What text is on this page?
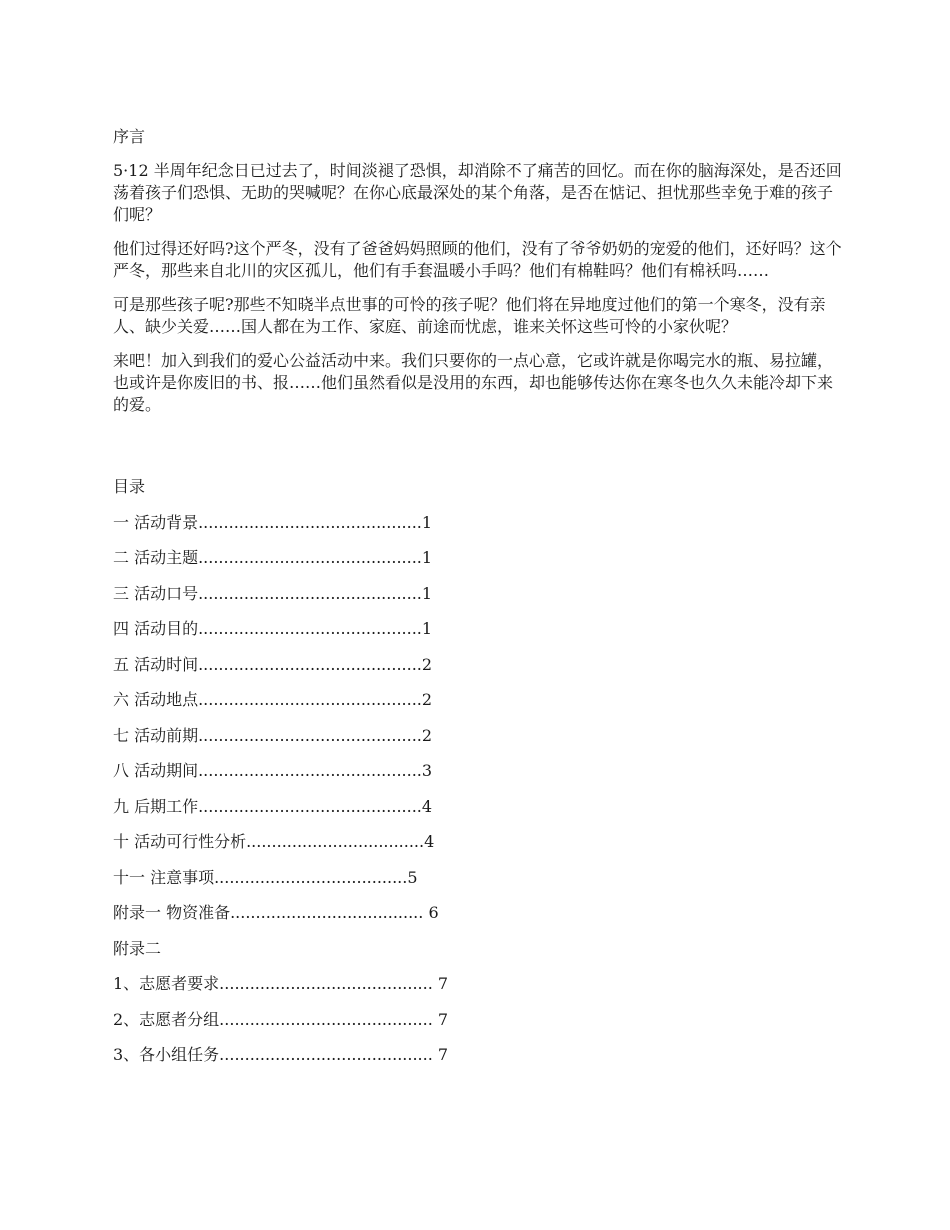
序言

5·12 半周年纪念日已过去了，时间淡褪了恐惧，却消除不了痛苦的回忆。而在你的脑海深处，是否还回荡着孩子们恐惧、无助的哭喊呢？在你心底最深处的某个角落，是否在惦记、担忧那些幸免于难的孩子们呢？

他们过得还好吗?这个严冬，没有了爸爸妈妈照顾的他们，没有了爷爷奶奶的宠爱的他们，还好吗？这个严冬，那些来自北川的灾区孤儿，他们有手套温暖小手吗？他们有棉鞋吗？他们有棉袄吗……

可是那些孩子呢?那些不知晓半点世事的可怜的孩子呢？他们将在异地度过他们的第一个寒冬，没有亲人、缺少关爱……国人都在为工作、家庭、前途而忧虑，谁来关怀这些可怜的小家伙呢？

来吧！加入到我们的爱心公益活动中来。我们只要你的一点心意，它或许就是你喝完水的瓶、易拉罐，也或许是你废旧的书、报……他们虽然看似是没用的东西，却也能够传达你在寒冬也久久未能冷却下来的爱。

目录
一 活动背景............................................1
二 活动主题............................................1
三 活动口号............................................1
四 活动目的............................................1
五 活动时间............................................2
六 活动地点............................................2
七 活动前期............................................2
八 活动期间............................................3
九 后期工作............................................4
十 活动可行性分析...................................4
十一 注意事项......................................5
附录一 物资准备...................................... 6
附录二
1、志愿者要求.......................................... 7
2、志愿者分组.......................................... 7
3、各小组任务.......................................... 7
